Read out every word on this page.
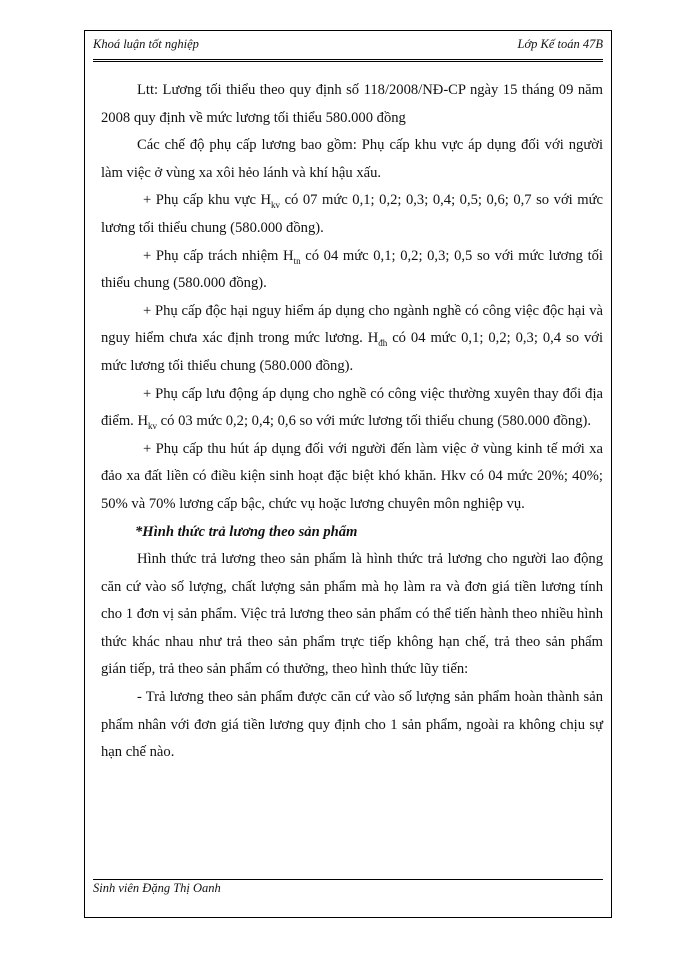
Khoá luận tốt nghiệp	Lớp Kế toán 47B

Ltt: Lương tối thiểu theo quy định số 118/2008/NĐ-CP ngày 15 tháng 09 năm 2008 quy định về mức lương tối thiểu 580.000 đồng

Các chế độ phụ cấp lương bao gồm: Phụ cấp khu vực áp dụng đối với người làm việc ở vùng xa xôi hẻo lánh và khí hậu xấu.

+ Phụ cấp khu vực $H_{kv}$ có 07 mức 0,1; 0,2; 0,3; 0,4; 0,5; 0,6; 0,7 so với mức lương tối thiểu chung (580.000 đồng).

+ Phụ cấp trách nhiệm $H_{tn}$ có 04 mức 0,1; 0,2; 0,3; 0,5 so với mức lương tối thiểu chung (580.000 đồng).

+ Phụ cấp độc hại nguy hiểm áp dụng cho ngành nghề có công việc độc hại và nguy hiểm chưa xác định trong mức lương. $H_{đh}$ có 04 mức 0,1; 0,2; 0,3; 0,4 so với mức lương tối thiểu chung (580.000 đồng).

+ Phụ cấp lưu động áp dụng cho nghề có công việc thường xuyên thay đổi địa điểm. $H_{kv}$ có 03 mức 0,2; 0,4; 0,6 so với mức lương tối thiểu chung (580.000 đồng).

+ Phụ cấp thu hút áp dụng đối với người đến làm việc ở vùng kinh tế mới xa đảo xa đất liền có điều kiện sinh hoạt đặc biệt khó khăn. Hkv có 04 mức 20%; 40%; 50% và 70% lương cấp bậc, chức vụ hoặc lương chuyên môn nghiệp vụ.

*Hình thức trả lương theo sản phẩm

Hình thức trả lương theo sản phẩm là hình thức trả lương cho người lao động căn cứ vào số lượng, chất lượng sản phẩm mà họ làm ra và đơn giá tiền lương tính cho 1 đơn vị sản phẩm. Việc trả lương theo sản phẩm có thể tiến hành theo nhiều hình thức khác nhau như trả theo sản phẩm trực tiếp không hạn chế, trả theo sản phẩm gián tiếp, trả theo sản phẩm có thưởng, theo hình thức lũy tiến:

- Trả lương theo sản phẩm được căn cứ vào số lượng sản phẩm hoàn thành sản phẩm nhân với đơn giá tiền lương quy định cho 1 sản phẩm, ngoài ra không chịu sự hạn chế nào.

Sinh viên Đặng Thị Oanh
